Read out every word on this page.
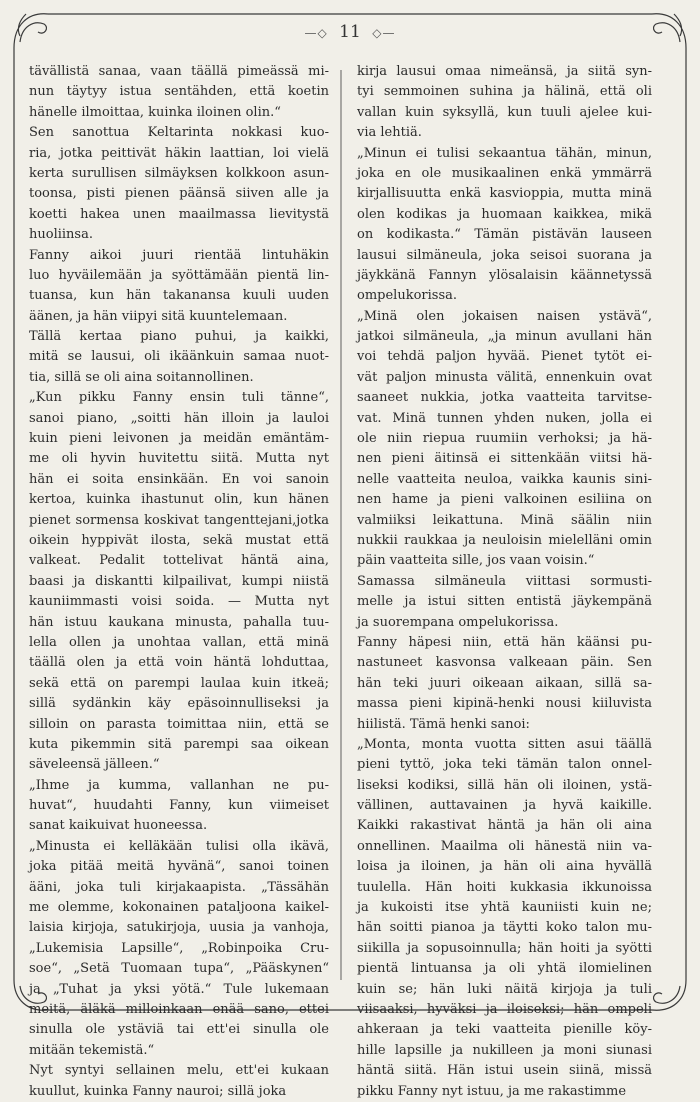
—◇ 11 ◇—
tävällistä sanaa, vaan täällä pimeässä mi-
nun täytyy istua sentähden, että koetin
hänelle ilmoittaa, kuinka iloinen olin.“
Sen sanottua Keltarinta nokkasi kuo-
ria, jotka peittivät häkin laattian, loi vielä
kerta surullisen silmäyksen kolkkoon asun-
toonsa, pisti pienen päänsä siiven alle ja
koetti hakea unen maailmassa lievitystä
huoliinsa.
Fanny aikoi juuri rientää lintuhäkin
luo hyväilemään ja syöttämään pientä lin-
tuansa, kun hän takanansa kuuli uuden
äänen, ja hän viipyi sitä kuuntelemaan.
Tällä kertaa piano puhui, ja kaikki,
mitä se lausui, oli ikäänkuin samaa nuot-
tia, sillä se oli aina soitannollinen.
„Kun pikku Fanny ensin tuli tänne“,
sanoi piano, „soitti hän illoin ja lauloi
kuin pieni leivonen ja meidän emäntäm-
me oli hyvin huvitettu siitä. Mutta nyt
hän ei soita ensinkään. En voi sanoin
kertoa, kuinka ihastunut olin, kun hänen
pienet sormensa koskivat tangenttejani,jotka
oikein hyppivät ilosta, sekä mustat että
valkeat. Pedalit tottelivat häntä aina,
baasi ja diskantti kilpailivat, kumpi niistä
kauniimmasti voisi soida. — Mutta nyt
hän istuu kaukana minusta, pahalla tuu-
lella ollen ja unohtaa vallan, että minä
täällä olen ja että voin häntä lohduttaa,
sekä että on parempi laulaa kuin itkeä;
sillä sydänkin käy epäsoinnulliseksi ja
silloin on parasta toimittaa niin, että se
kuta pikemmin sitä parempi saa oikean
säveleensä jälleen.“
„Ihme ja kumma, vallanhan ne pu-
huvat“, huudahti Fanny, kun viimeiset
sanat kaikuivat huoneessa.
„Minusta ei kelläkään tulisi olla ikävä,
joka pitää meitä hyvänä“, sanoi toinen
ääni, joka tuli kirjakaapista. „Tässähän
me olemme, kokonainen pataljoona kaikel-
laisia kirjoja, satukirjoja, uusia ja vanhoja,
„Lukemisia Lapsille“, „Robinpoika Cru-
soe“, „Setä Tuomaan tupa“, „Pääskynen“
ja „Tuhat ja yksi yötä.“ Tule lukemaan
meitä, äläkä milloinkaan enää sano, ettei
sinulla ole ystäviä tai ett'ei sinulla ole
mitään tekemistä.“
Nyt syntyi sellainen melu, ett'ei kukaan
kuullut, kuinka Fanny nauroi; sillä joka
kirja lausui omaa nimeänsä, ja siitä syn-
tyi semmoinen suhina ja hälinä, että oli
vallan kuin syksyllä, kun tuuli ajelee kui-
via lehtiä.
„Minun ei tulisi sekaantua tähän, minun,
joka en ole musikaalinen enkä ymmärrä
kirjallisuutta enkä kasvioppia, mutta minä
olen kodikas ja huomaan kaikkea, mikä
on kodikasta.“ Tämän pistävän lauseen
lausui silmäneula, joka seisoi suorana ja
jäykkänä Fannyn ylösalaisin käännetyssä
ompelukorissa.
„Minä olen jokaisen naisen ystävä“,
jatkoi silmäneula, „ja minun avullani hän
voi tehdä paljon hyvää. Pienet tytöt ei-
vät paljon minusta välitä, ennenkuin ovat
saaneet nukkia, jotka vaatteita tarvitse-
vat. Minä tunnen yhden nuken, jolla ei
ole niin riepua ruumiin verhoksi; ja hä-
nen pieni äitinsä ei sittenkään viitsi hä-
nelle vaatteita neuloa, vaikka kaunis sini-
nen hame ja pieni valkoinen esiliina on
valmiiksi leikattuna. Minä säälin niin
nukkii raukkaa ja neuloisin mielelläni omin
päin vaatteita sille, jos vaan voisin.“
Samassa silmäneula viittasi sormusti-
melle ja istui sitten entistä jäykempänä
ja suorempana ompelukorissa.
Fanny häpesi niin, että hän käänsi pu-
nastuneet kasvonsa valkeaan päin. Sen
hän teki juuri oikeaan aikaan, sillä sa-
massa pieni kipinä-henki nousi kiiluvista
hiilistä. Tämä henki sanoi:
„Monta, monta vuotta sitten asui täällä
pieni tyttö, joka teki tämän talon onnel-
liseksi kodiksi, sillä hän oli iloinen, ystä-
vällinen, auttavainen ja hyvä kaikille.
Kaikki rakastivat häntä ja hän oli aina
onnellinen. Maailma oli hänestä niin va-
loisa ja iloinen, ja hän oli aina hyvällä
tuulella. Hän hoiti kukkasia ikkunoissa
ja kukoisti itse yhtä kauniisti kuin ne;
hän soitti pianoa ja täytti koko talon mu-
siikilla ja sopusoinnulla; hän hoiti ja syötti
pientä lintuansa ja oli yhtä ilomielinen
kuin se; hän luki näitä kirjoja ja tuli
viisaaksi, hyväksi ja iloiseksi; hän ompeli
ahkeraan ja teki vaatteita pienille köy-
hille lapsille ja nukilleen ja moni siunasi
häntä siitä. Hän istui usein siinä, missä
pikku Fanny nyt istuu, ja me rakastimme
